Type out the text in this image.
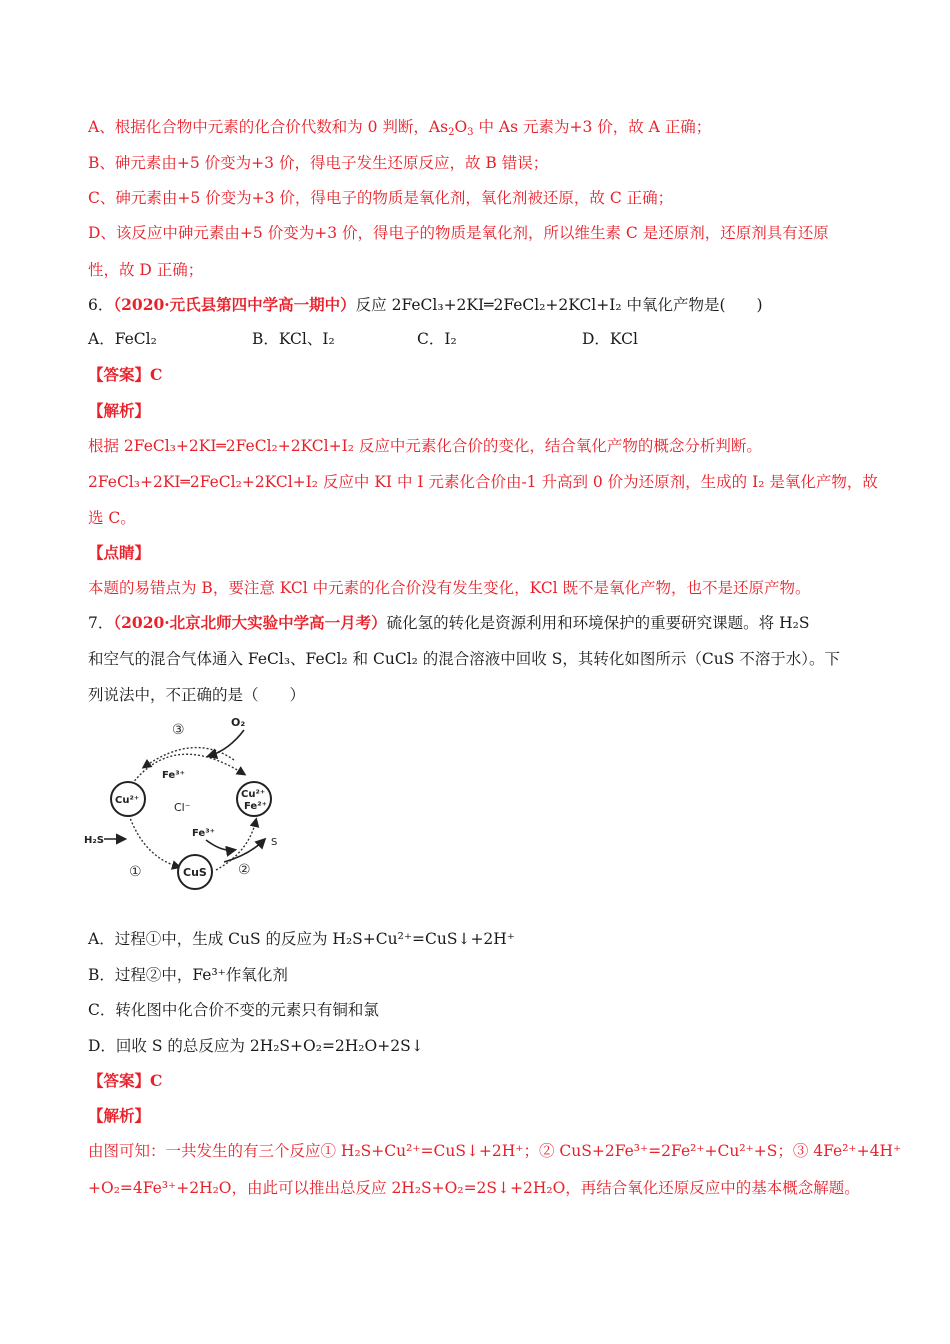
A、根据化合物中元素的化合价代数和为 0 判断，$As_2O_3$ 中 As 元素为+3 价，故 A 正确；
B、砷元素由+5 价变为+3 价，得电子发生还原反应，故 B 错误；
C、砷元素由+5 价变为+3 价，得电子的物质是氧化剂，氧化剂被还原，故 C 正确；
D、该反应中砷元素由+5 价变为+3 价，得电子的物质是氧化剂，所以维生素 C 是还原剂，还原剂具有还原
性，故 D 正确；
6．（2020·元氏县第四中学高一期中）反应 2FeCl₃+2KI═2FeCl₂+2KCl+I₂ 中氧化产物是(　　)
A．FeCl₂	B．KCl、I₂	C．I₂	D．KCl
【答案】C
【解析】
根据 2FeCl₃+2KI═2FeCl₂+2KCl+I₂ 反应中元素化合价的变化，结合氧化产物的概念分析判断。
2FeCl₃+2KI═2FeCl₂+2KCl+I₂ 反应中 KI 中 I 元素化合价由-1 升高到 0 价为还原剂，生成的 I₂ 是氧化产物，故
选 C。
【点睛】
本题的易错点为 B，要注意 KCl 中元素的化合价没有发生变化，KCl 既不是氧化产物，也不是还原产物。
7．（2020·北京北师大实验中学高一月考）硫化氢的转化是资源利用和环境保护的重要研究课题。将 H₂S
和空气的混合气体通入 FeCl₃、FeCl₂ 和 CuCl₂ 的混合溶液中回收 S，其转化如图所示（CuS 不溶于水）。下
列说法中，不正确的是（　　）
③	O₂
Fe³⁺
Cu²⁺
Cu²⁺
Fe²⁺
Cl⁻
Fe³⁺
H₂S	S
①	CuS ②
A．过程①中，生成 CuS 的反应为 H₂S+Cu²⁺=CuS↓+2H⁺
B．过程②中，Fe³⁺作氧化剂
C．转化图中化合价不变的元素只有铜和氯
D．回收 S 的总反应为 2H₂S+O₂=2H₂O+2S↓
【答案】C
【解析】
由图可知：一共发生的有三个反应① H₂S+Cu²⁺=CuS↓+2H⁺；② CuS+2Fe³⁺=2Fe²⁺+Cu²⁺+S；③ 4Fe²⁺+4H⁺
+O₂=4Fe³⁺+2H₂O，由此可以推出总反应 2H₂S+O₂=2S↓+2H₂O，再结合氧化还原反应中的基本概念解题。
